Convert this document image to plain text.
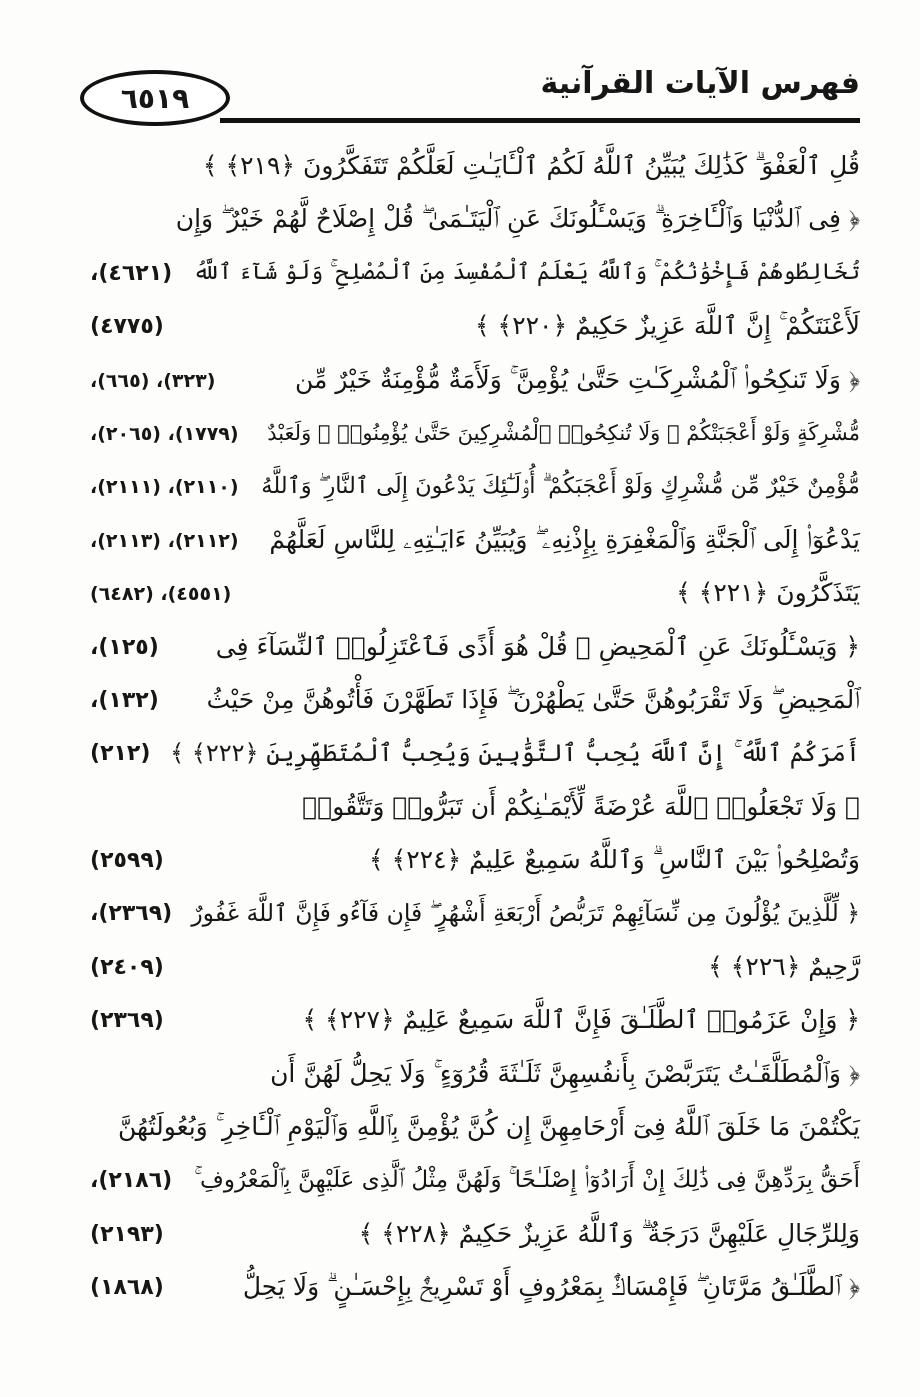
٦٥١٩	فهرس الآيات القرآنية
قُلِ ٱلْعَفْوَ ۗ كَذَٰلِكَ يُبَيِّنُ ٱللَّهُ لَكُمُ ٱلْـَٔايَـٰتِ لَعَلَّكُمْ تَتَفَكَّرُونَ ﴿٢١٩﴾ ﴾
﴿ فِى ٱلدُّنْيَا وَٱلْـَٔاخِرَةِ ۗ وَيَسْـَٔلُونَكَ عَنِ ٱلْيَتَـٰمَىٰ ۖ قُلْ إِصْلَاحٌ لَّهُمْ خَيْرٌ ۖ وَإِن
تُخَالِطُوهُمْ فَإِخْوَٰنُكُمْ ۚ وَٱللَّهُ يَعْلَمُ ٱلْمُفْسِدَ مِنَ ٱلْمُصْلِحِ ۚ وَلَوْ شَآءَ ٱللَّهُ
(٤٦٢١)،
لَأَعْنَتَكُمْ ۚ إِنَّ ٱللَّهَ عَزِيزٌ حَكِيمٌ ﴿٢٢٠﴾ ﴾
(٤٧٧٥)
﴿ وَلَا تَنكِحُوا۟ ٱلْمُشْرِكَـٰتِ حَتَّىٰ يُؤْمِنَّ ۚ وَلَأَمَةٌ مُّؤْمِنَةٌ خَيْرٌ مِّن
(٣٢٣)، (٦٦٥)،
مُّشْرِكَةٍ وَلَوْ أَعْجَبَتْكُمْ ۗ وَلَا تُنكِحُوا۟ ٱلْمُشْرِكِينَ حَتَّىٰ يُؤْمِنُوا۟ ۚ وَلَعَبْدٌ
(١٧٧٩)، (٢٠٦٥)،
مُّؤْمِنٌ خَيْرٌ مِّن مُّشْرِكٍ وَلَوْ أَعْجَبَكُمْ ۗ أُو۟لَـٰٓئِكَ يَدْعُونَ إِلَى ٱلنَّارِ ۖ وَٱللَّهُ
(٢١١٠)، (٢١١١)،
يَدْعُوٓا۟ إِلَى ٱلْجَنَّةِ وَٱلْمَغْفِرَةِ بِإِذْنِهِۦ ۖ وَيُبَيِّنُ ءَايَـٰتِهِۦ لِلنَّاسِ لَعَلَّهُمْ
(٢١١٢)، (٢١١٣)،
يَتَذَكَّرُونَ ﴿٢٢١﴾ ﴾
(٤٥٥١)، (٦٤٨٢)
﴿ وَيَسْـَٔلُونَكَ عَنِ ٱلْمَحِيضِ ۖ قُلْ هُوَ أَذًى فَٱعْتَزِلُوا۟ ٱلنِّسَآءَ فِى
(١٢٥)،
ٱلْمَحِيضِ ۖ وَلَا تَقْرَبُوهُنَّ حَتَّىٰ يَطْهُرْنَ ۖ فَإِذَا تَطَهَّرْنَ فَأْتُوهُنَّ مِنْ حَيْثُ
(١٣٢)،
أَمَرَكُمُ ٱللَّهُ ۚ إِنَّ ٱللَّهَ يُحِبُّ ٱلتَّوَّٰبِينَ وَيُحِبُّ ٱلْمُتَطَهِّرِينَ ﴿٢٢٢﴾ ﴾
(٢١٢)
﴿ وَلَا تَجْعَلُوا۟ ٱللَّهَ عُرْضَةً لِّأَيْمَـٰنِكُمْ أَن تَبَرُّوا۟ وَتَتَّقُوا۟
وَتُصْلِحُوا۟ بَيْنَ ٱلنَّاسِ ۗ وَٱللَّهُ سَمِيعٌ عَلِيمٌ ﴿٢٢٤﴾ ﴾
(٢٥٩٩)
﴿ لِّلَّذِينَ يُؤْلُونَ مِن نِّسَآئِهِمْ تَرَبُّصُ أَرْبَعَةِ أَشْهُرٍ ۖ فَإِن فَآءُو فَإِنَّ ٱللَّهَ غَفُورٌ
(٢٣٦٩)،
رَّحِيمٌ ﴿٢٢٦﴾ ﴾
(٢٤٠٩)
﴿ وَإِنْ عَزَمُوا۟ ٱلطَّلَـٰقَ فَإِنَّ ٱللَّهَ سَمِيعٌ عَلِيمٌ ﴿٢٢٧﴾ ﴾
(٢٣٦٩)
﴿ وَٱلْمُطَلَّقَـٰتُ يَتَرَبَّصْنَ بِأَنفُسِهِنَّ ثَلَـٰثَةَ قُرُوٓءٍ ۚ وَلَا يَحِلُّ لَهُنَّ أَن
يَكْتُمْنَ مَا خَلَقَ ٱللَّهُ فِىٓ أَرْحَامِهِنَّ إِن كُنَّ يُؤْمِنَّ بِٱللَّهِ وَٱلْيَوْمِ ٱلْـَٔاخِرِ ۚ وَبُعُولَتُهُنَّ
أَحَقُّ بِرَدِّهِنَّ فِى ذَٰلِكَ إِنْ أَرَادُوٓا۟ إِصْلَـٰحًا ۚ وَلَهُنَّ مِثْلُ ٱلَّذِى عَلَيْهِنَّ بِٱلْمَعْرُوفِ ۚ
(٢١٨٦)،
وَلِلرِّجَالِ عَلَيْهِنَّ دَرَجَةٌ ۗ وَٱللَّهُ عَزِيزٌ حَكِيمٌ ﴿٢٢٨﴾ ﴾
(٢١٩٣)
﴿ ٱلطَّلَـٰقُ مَرَّتَانِ ۖ فَإِمْسَاكٌۢ بِمَعْرُوفٍ أَوْ تَسْرِيحٌۢ بِإِحْسَـٰنٍ ۗ وَلَا يَحِلُّ
(١٨٦٨)
